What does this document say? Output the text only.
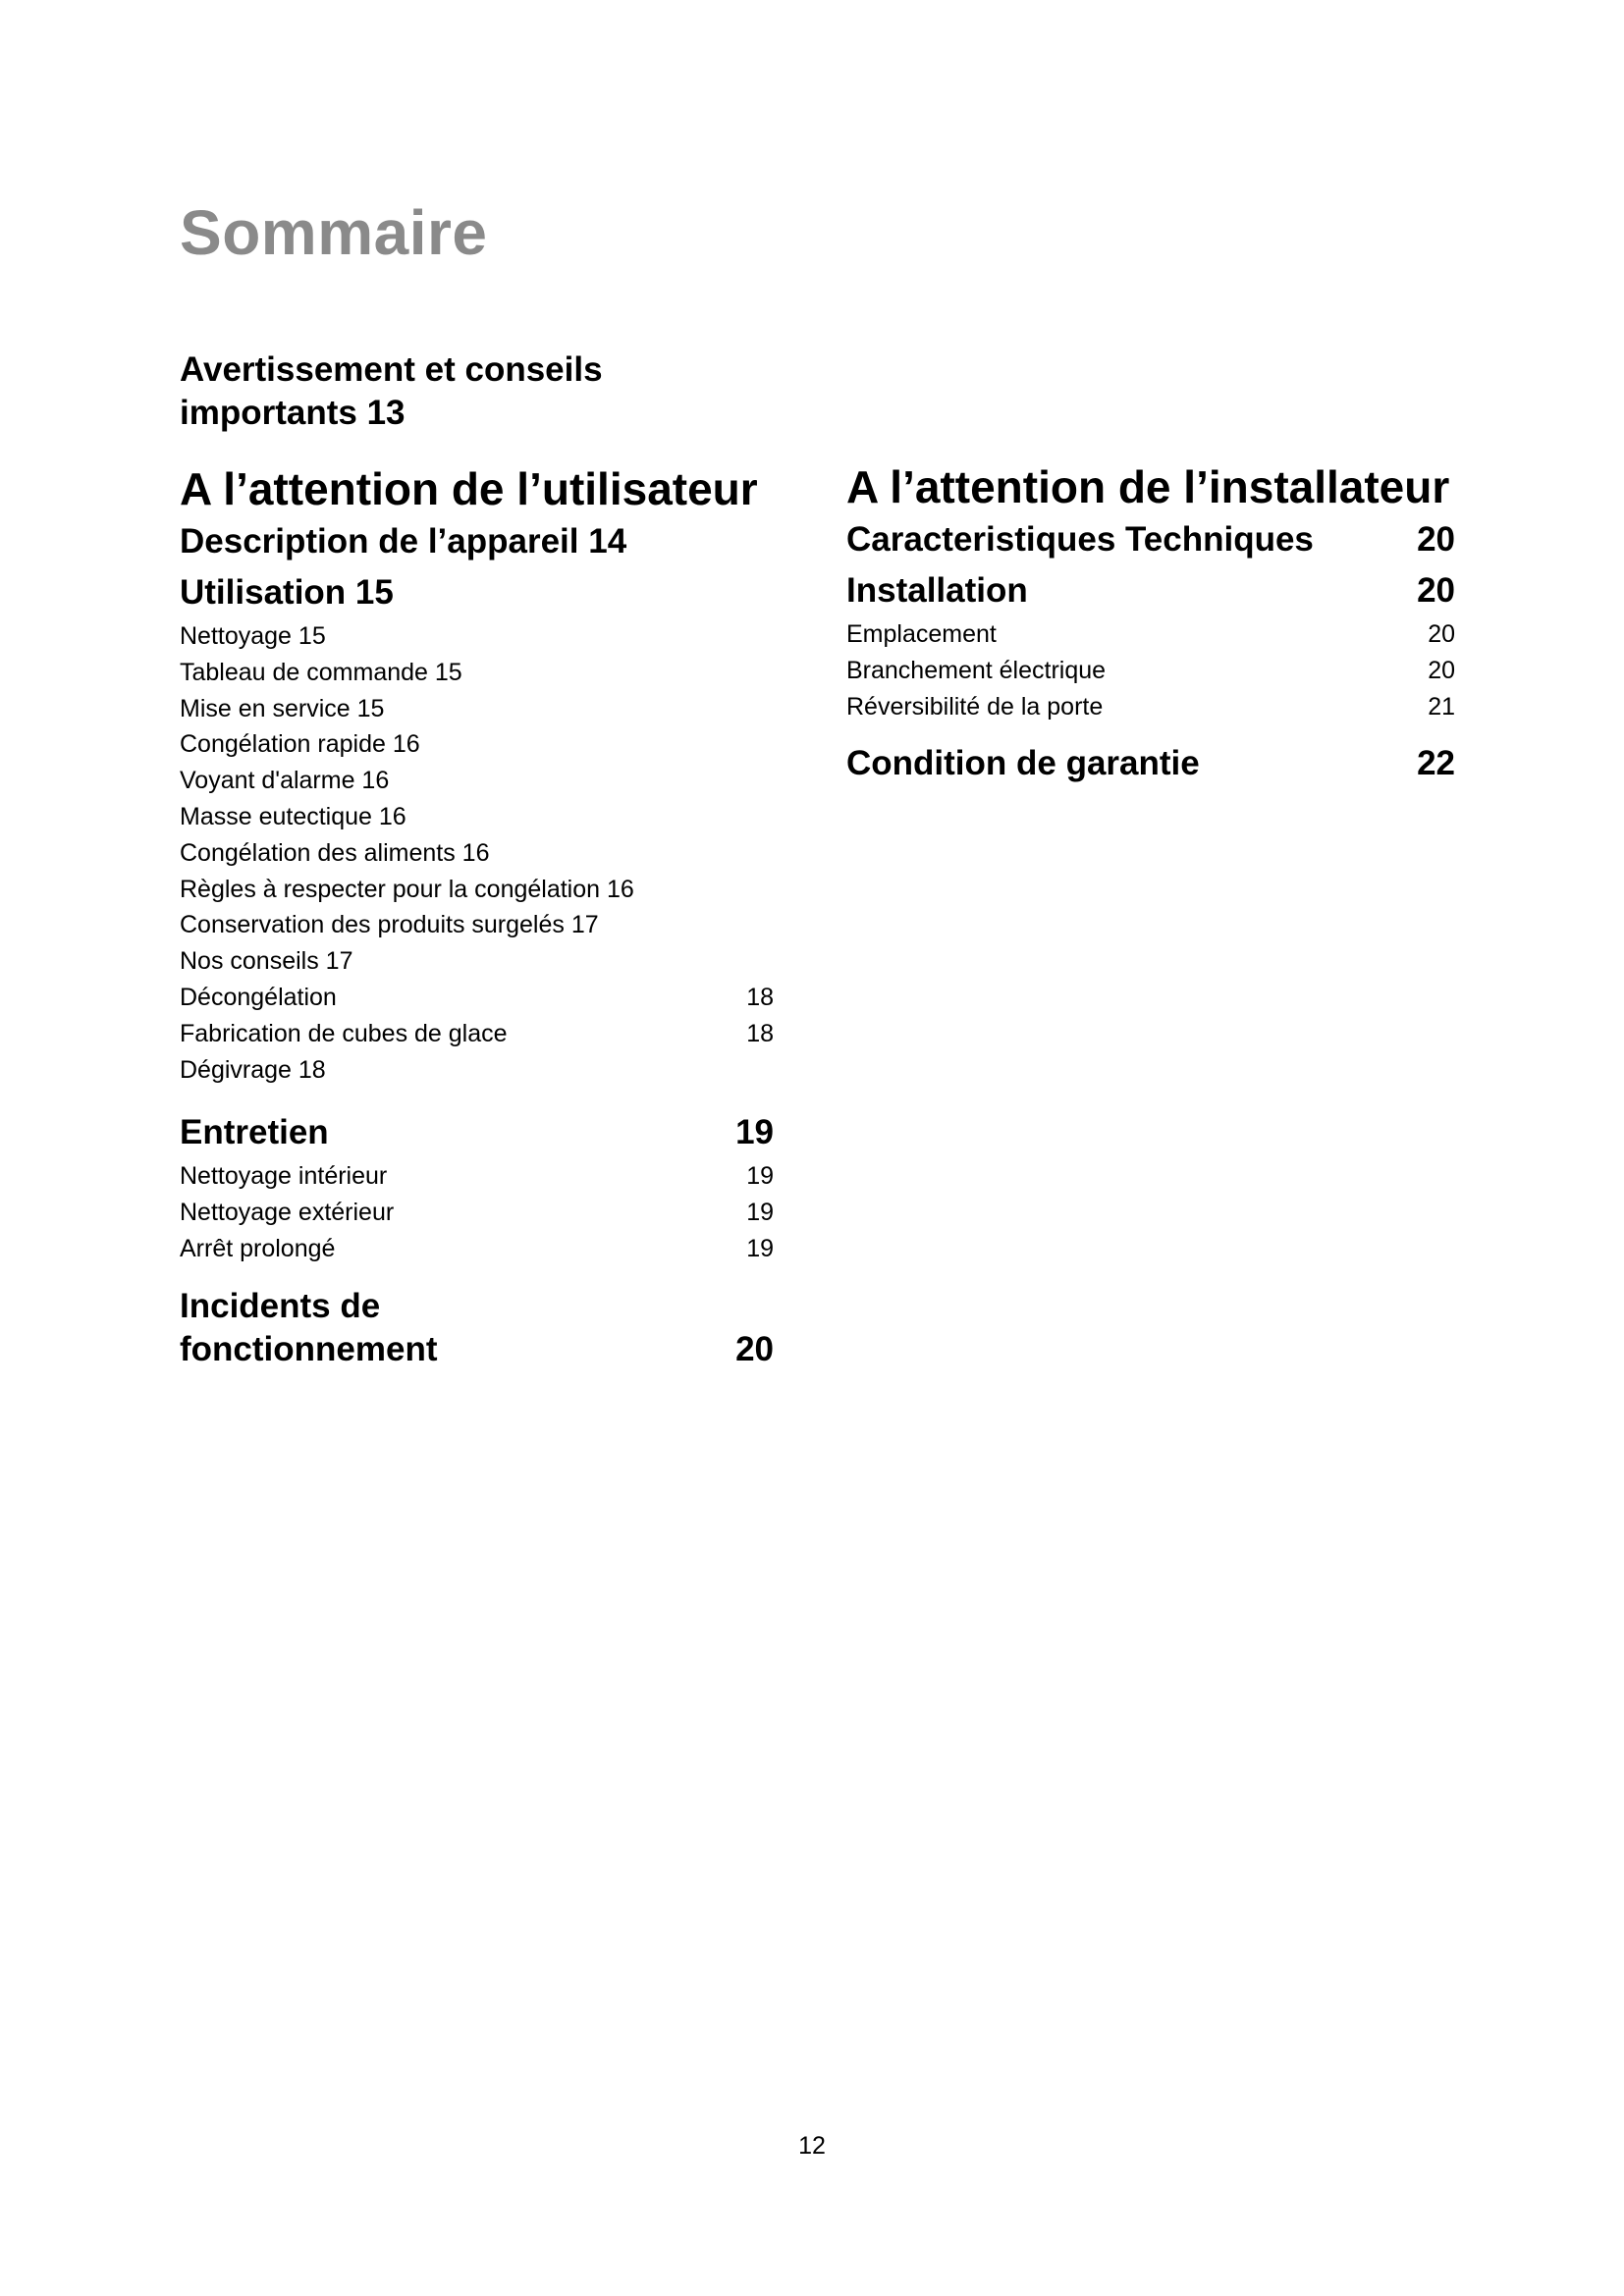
Sommaire
Avertissement et conseils importants 13
A l’attention de l’utilisateur
Description de l’appareil 14
Utilisation 15
Nettoyage 15
Tableau de commande 15
Mise en service 15
Congélation rapide 16
Voyant d'alarme 16
Masse eutectique 16
Congélation des aliments 16
Règles à respecter pour la congélation 16
Conservation des produits surgelés 17
Nos conseils 17
Décongélation	18
Fabrication de cubes de glace	18
Dégivrage 18
Entretien	19
Nettoyage intérieur	19
Nettoyage extérieur	19
Arrêt prolongé	19
Incidents de fonctionnement	20
A l’attention de l’installateur
Caracteristiques Techniques	20
Installation	20
Emplacement	20
Branchement électrique	20
Réversibilité de la porte	21
Condition de garantie	22
12
